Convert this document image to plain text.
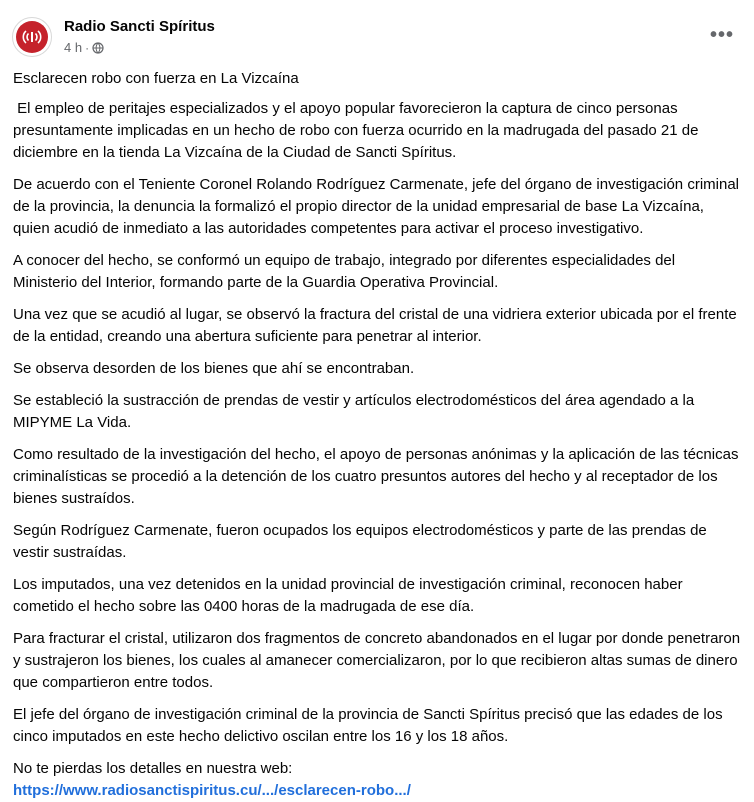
Radio Sancti Spíritus
4 h ·
•••

Esclarecen robo con fuerza en La Vizcaína

El empleo de peritajes especializados y el apoyo popular favorecieron la captura de cinco personas presuntamente implicadas en un hecho de robo con fuerza ocurrido en la madrugada del pasado 21 de diciembre en la tienda La Vizcaína de la Ciudad de Sancti Spíritus.

De acuerdo con el Teniente Coronel Rolando Rodríguez Carmenate, jefe del órgano de investigación criminal de la provincia, la denuncia la formalizó el propio director de la unidad empresarial de base La Vizcaína, quien acudió de inmediato a las autoridades competentes para activar el proceso investigativo.

A conocer del hecho, se conformó un equipo de trabajo, integrado por diferentes especialidades del Ministerio del Interior, formando parte de la Guardia Operativa Provincial.

Una vez que se acudió al lugar, se observó la fractura del cristal de una vidriera exterior ubicada por el frente de la entidad, creando una abertura suficiente para penetrar al interior.

Se observa desorden de los bienes que ahí se encontraban.

Se estableció la sustracción de prendas de vestir y artículos electrodomésticos del área agendado a la MIPYME La Vida.

Como resultado de la investigación del hecho, el apoyo de personas anónimas y la aplicación de las técnicas criminalísticas se procedió a la detención de los cuatro presuntos autores del hecho y al receptador de los bienes sustraídos.

Según Rodríguez Carmenate, fueron ocupados los equipos electrodomésticos y parte de las prendas de vestir sustraídas.

Los imputados, una vez detenidos en la unidad provincial de investigación criminal, reconocen haber cometido el hecho sobre las 0400 horas de la madrugada de ese día.

Para fracturar el cristal, utilizaron dos fragmentos de concreto abandonados en el lugar por donde penetraron y sustrajeron los bienes, los cuales al amanecer comercializaron, por lo que recibieron altas sumas de dinero que compartieron entre todos.

El jefe del órgano de investigación criminal de la provincia de Sancti Spíritus precisó que las edades de los cinco imputados en este hecho delictivo oscilan entre los 16 y los 18 años.

No te pierdas los detalles en nuestra web:
https://www.radiosanctispiritus.cu/.../esclarecen-robo.../
